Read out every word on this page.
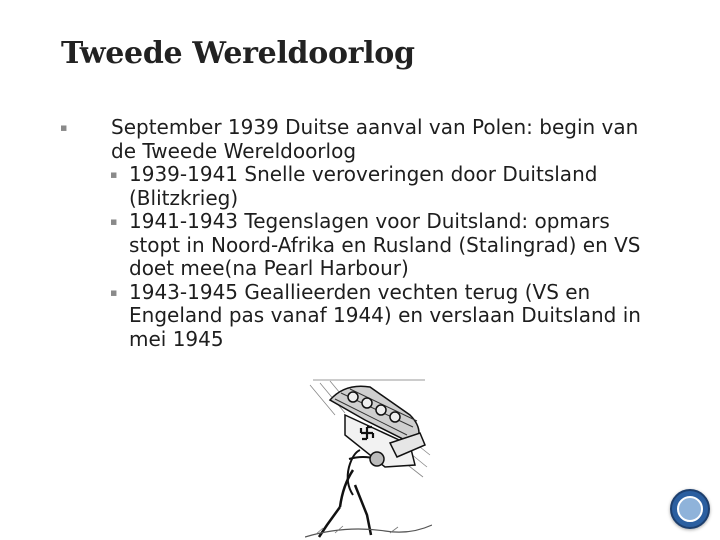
Tweede Wereldoorlog
▪ September 1939 Duitse aanval van Polen: begin van de Tweede Wereldoorlog
▪ 1939-1941 Snelle veroveringen door Duitsland (Blitzkrieg)
▪ 1941-1943 Tegenslagen voor Duitsland: opmars stopt in Noord-Afrika en Rusland (Stalingrad) en VS doet mee(na Pearl Harbour)
▪ 1943-1945 Geallieerden vechten terug (VS en Engeland pas vanaf 1944) en verslaan Duitsland in mei 1945
